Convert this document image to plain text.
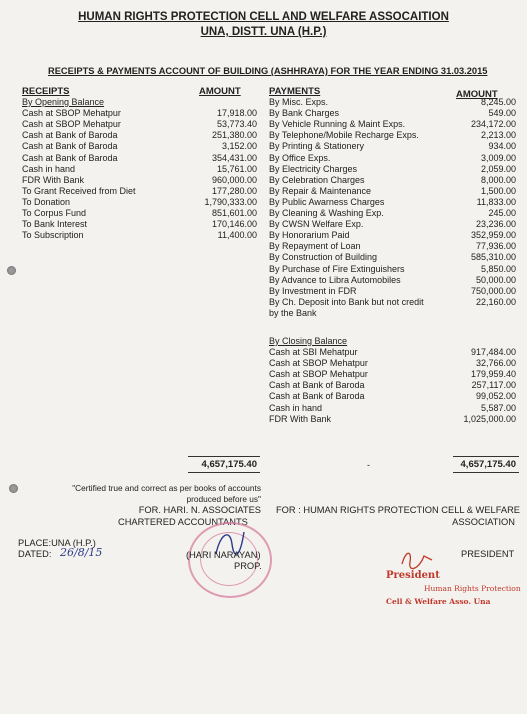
HUMAN RIGHTS PROTECTION CELL AND WELFARE ASSOCAITION
UNA, DISTT. UNA (H.P.)
RECEIPTS & PAYMENTS ACCOUNT OF BUILDING (ASHHRAYA) FOR THE YEAR ENDING 31.03.2015
RECEIPTS	AMOUNT
By Opening Balance
Cash at SBOP Mehatpur	17,918.00
Cash at SBOP Mehatpur	53,773.40
Cash at Bank of Baroda	251,380.00
Cash at Bank of Baroda	3,152.00
Cash at Bank of Baroda	354,431.00
Cash in hand	15,761.00
FDR With Bank	960,000.00
To Grant Received from Diet	177,280.00
To Donation	1,790,333.00
To Corpus Fund	851,601.00
To Bank Interest	170,146.00
To Subscription	11,400.00
PAYMENTS	AMOUNT
By Misc. Exps.	8,245.00
By Bank Charges	549.00
By Vehicle Running & Maint Exps.	234,172.00
By Telephone/Mobile Recharge Exps.	2,213.00
By Printing & Stationery	934.00
By Office Exps.	3,009.00
By Electricity Charges	2,059.00
By Celebration Charges	8,000.00
By Repair & Maintenance	1,500.00
By Public Awarness Charges	11,833.00
By Cleaning & Washing Exp.	245.00
By CWSN Welfare Exp.	23,236.00
By Honorarium Paid	352,959.00
By Repayment of Loan	77,936.00
By Construction of Building	585,310.00
By Purchase of Fire Extinguishers	5,850.00
By Advance to Libra Automobiles	50,000.00
By Investment in FDR	750,000.00
By Ch. Deposit into Bank but not credit	22,160.00
by the Bank
By Closing Balance
Cash at SBI Mehatpur	917,484.00
Cash at SBOP Mehatpur	32,766.00
Cash at SBOP Mehatpur	179,959.40
Cash at Bank of Baroda	257,117.00
Cash at Bank of Baroda	99,052.00
Cash in hand	5,587.00
FDR With Bank	1,025,000.00
4,657,175.40	-	4,657,175.40
"Certified true and correct as per books of accounts
produced before us"
FOR. HARI. N. ASSOCIATES
CHARTERED ACCOUNTANTS
PLACE:UNA (H.P.)
DATED: 26/8/15	(HARI NARAYAN)
PROP.
FOR : HUMAN RIGHTS PROTECTION CELL & WELFARE
ASSOCIATION
PRESIDENT
President
Human Rights Protection
Cell & Welfare Asso. Una
